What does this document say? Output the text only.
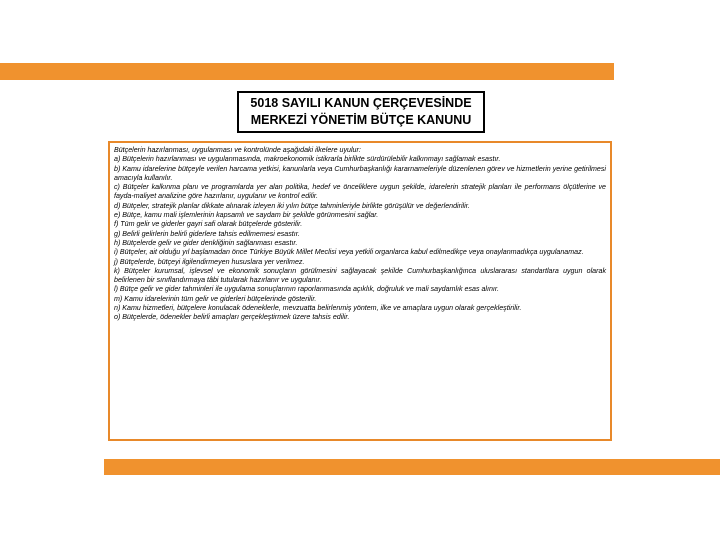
5018 SAYILI KANUN ÇERÇEVESİNDE
MERKEZİ YÖNETİM BÜTÇE KANUNU

Bütçelerin hazırlanması, uygulanması ve kontrolünde aşağıdaki ilkelere uyulur:

a) Bütçelerin hazırlanması ve uygulanmasında, makroekonomik istikrarla birlikte sürdürülebilir kalkınmayı sağlamak esastır.

b) Kamu idarelerine bütçeyle verilen harcama yetkisi, kanunlarla veya Cumhurbaşkanlığı kararnameleriyle düzenlenen görev ve hizmetlerin yerine getirilmesi amacıyla kullanılır.

c) Bütçeler kalkınma planı ve programlarda yer alan politika, hedef ve önceliklere uygun şekilde, idarelerin stratejik planları ile performans ölçütlerine ve fayda-maliyet analizine göre hazırlanır, uygulanır ve kontrol edilir.

d) Bütçeler, stratejik planlar dikkate alınarak izleyen iki yılın bütçe tahminleriyle birlikte görüşülür ve değerlendirilir.

e) Bütçe, kamu mali işlemlerinin kapsamlı ve saydam bir şekilde görünmesini sağlar.

f) Tüm gelir ve giderler gayri safi olarak bütçelerde gösterilir.

g) Belirli gelirlerin belirli giderlere tahsis edilmemesi esastır.

h) Bütçelerde gelir ve gider denkliğinin sağlanması esastır.

i) Bütçeler, ait olduğu yıl başlamadan önce Türkiye Büyük Millet Meclisi veya yetkili organlarca kabul edilmedikçe veya onaylanmadıkça uygulanamaz.

j) Bütçelerde, bütçeyi ilgilendirmeyen hususlara yer verilmez.

k) Bütçeler kurumsal, işlevsel ve ekonomik sonuçların görülmesini sağlayacak şekilde Cumhurbaşkanlığınca uluslararası standartlara uygun olarak belirlenen bir sınıflandırmaya tâbi tutularak hazırlanır ve uygulanır.

l) Bütçe gelir ve gider tahminleri ile uygulama sonuçlarının raporlanmasında açıklık, doğruluk ve mali saydamlık esas alınır.

m) Kamu idarelerinin tüm gelir ve giderleri bütçelerinde gösterilir.

n) Kamu hizmetleri, bütçelere konulacak ödeneklerle, mevzuatta belirlenmiş yöntem, ilke ve amaçlara uygun olarak gerçekleştirilir.

o) Bütçelerde, ödenekler belirli amaçları gerçekleştirmek üzere tahsis edilir.
